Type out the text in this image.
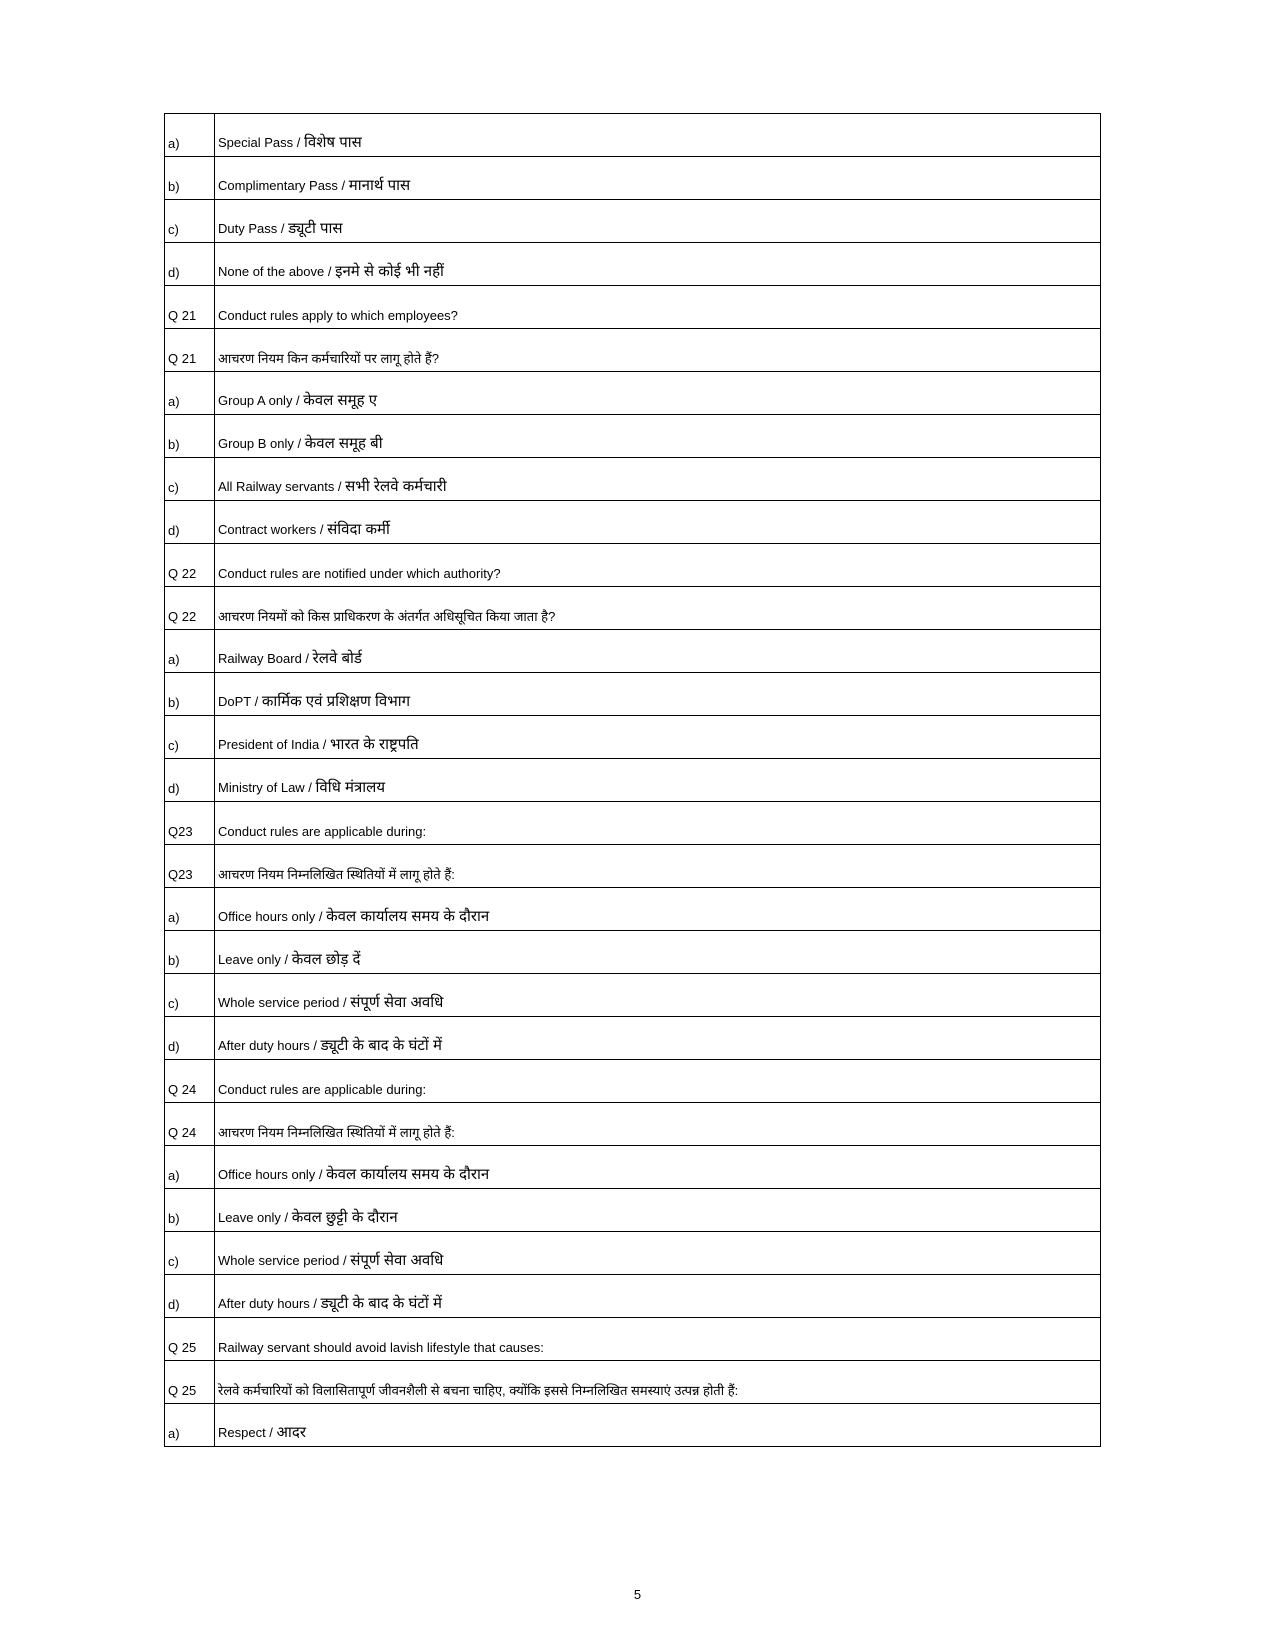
a)	Special Pass / विशेष पास

b)	Complimentary Pass / मानार्थ पास

c)	Duty Pass / ड्यूटी पास

d)	None of the above / इनमे से कोई भी नहीं

Q 21	Conduct rules apply to which employees?

Q 21	आचरण नियम किन कर्मचारियों पर लागू होते हैं?

a)	Group A only / केवल समूह ए

b)	Group B only / केवल समूह बी

c)	All Railway servants / सभी रेलवे कर्मचारी

d)	Contract workers / संविदा कर्मी

Q 22	Conduct rules are notified under which authority?

Q 22	आचरण नियमों को किस प्राधिकरण के अंतर्गत अधिसूचित किया जाता है?

a)	Railway Board / रेलवे बोर्ड

b)	DoPT / कार्मिक एवं प्रशिक्षण विभाग

c)	President of India / भारत के राष्ट्रपति

d)	Ministry of Law / विधि मंत्रालय

Q23	Conduct rules are applicable during:

Q23	आचरण नियम निम्नलिखित स्थितियों में लागू होते हैं:

a)	Office hours only / केवल कार्यालय समय के दौरान

b)	Leave only / केवल छोड़ दें

c)	Whole service period / संपूर्ण सेवा अवधि

d)	After duty hours / ड्यूटी के बाद के घंटों में

Q 24	Conduct rules are applicable during:

Q 24	आचरण नियम निम्नलिखित स्थितियों में लागू होते हैं:

a)	Office hours only / केवल कार्यालय समय के दौरान

b)	Leave only / केवल छुट्टी के दौरान

c)	Whole service period / संपूर्ण सेवा अवधि

d)	After duty hours / ड्यूटी के बाद के घंटों में

Q 25	Railway servant should avoid lavish lifestyle that causes:

Q 25	रेलवे कर्मचारियों को विलासितापूर्ण जीवनशैली से बचना चाहिए, क्योंकि इससे निम्नलिखित समस्याएं उत्पन्न होती हैं:

a)	Respect / आदर
5
